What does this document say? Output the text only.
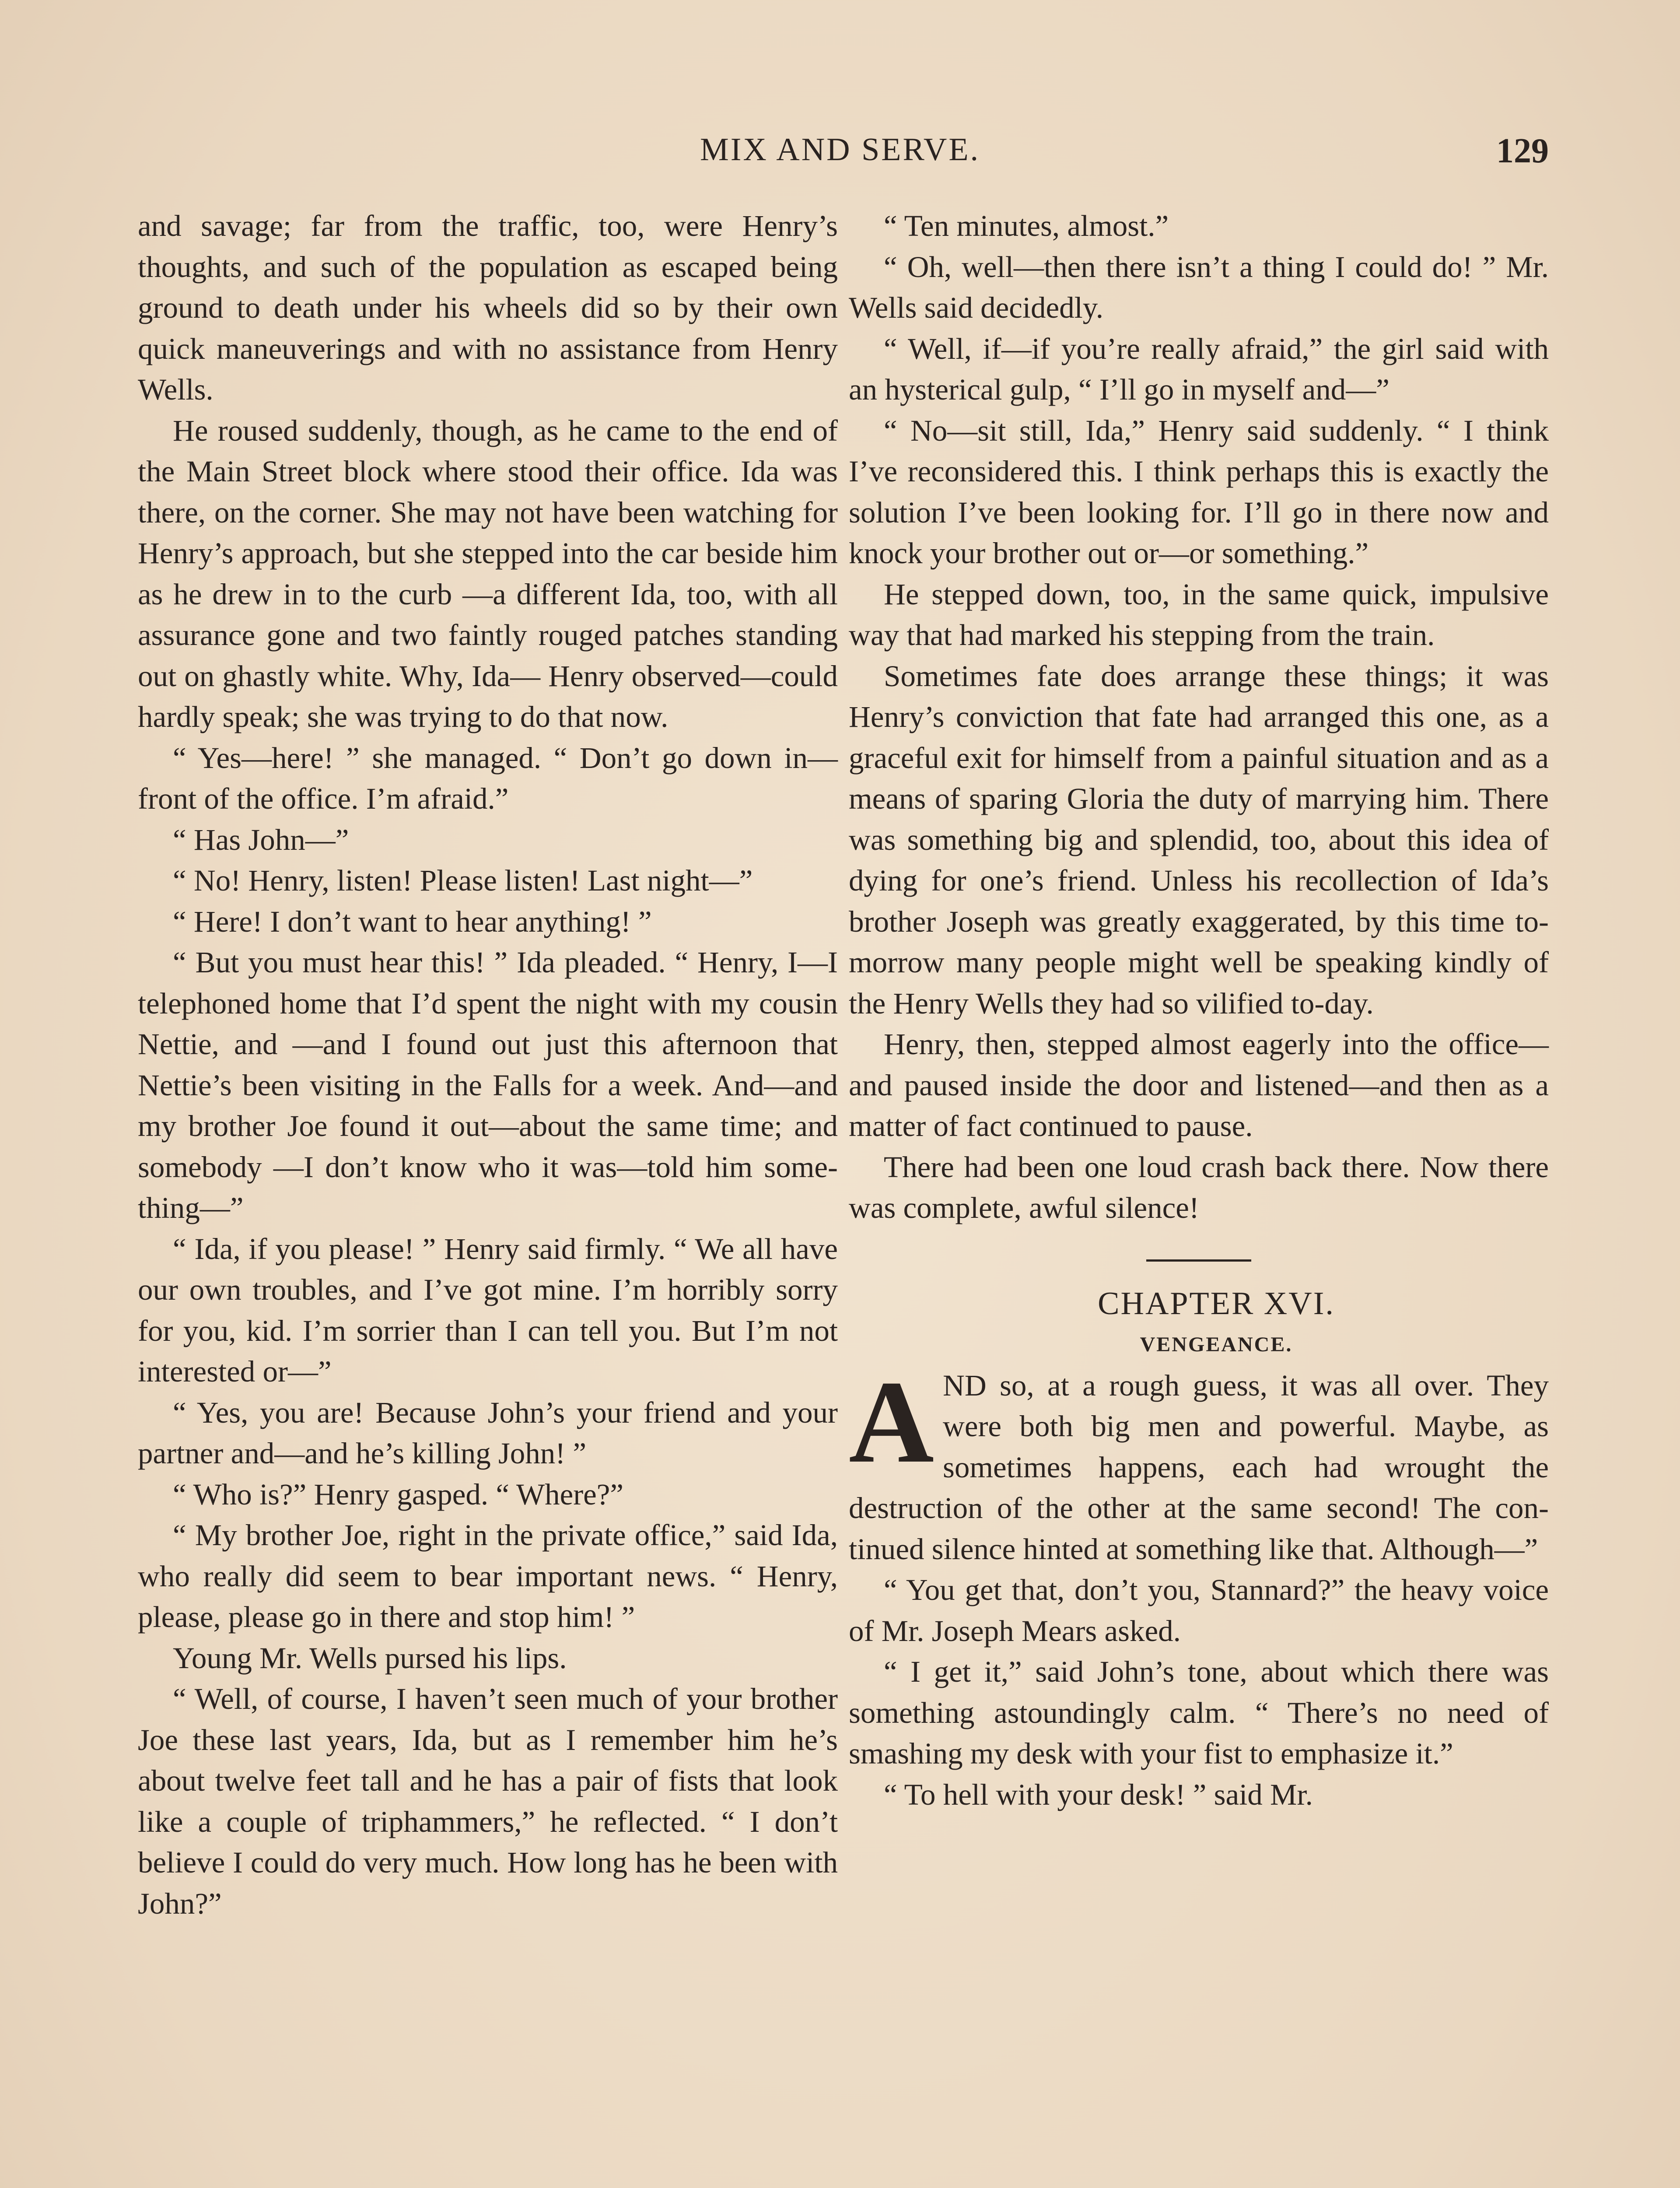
MIX AND SERVE.	129

and savage; far from the traffic, too, were Henry’s thoughts, and such of the population as escaped being ground to death under his wheels did so by their own quick maneuverings and with no assistance from Henry Wells.

He roused suddenly, though, as he came to the end of the Main Street block where stood their office. Ida was there, on the corner. She may not have been watching for Henry’s approach, but she stepped into the car beside him as he drew in to the curb —a different Ida, too, with all assurance gone and two faintly rouged patches standing out on ghastly white. Why, Ida— Henry observed—could hardly speak; she was trying to do that now.

“ Yes—here! ” she managed. “ Don’t go down in—front of the office. I’m afraid.”

“ Has John—”

“ No! Henry, listen! Please listen! Last night—”

“ Here! I don’t want to hear anything! ”

“ But you must hear this! ” Ida pleaded. “ Henry, I—I telephoned home that I’d spent the night with my cousin Nettie, and —and I found out just this afternoon that Nettie’s been visiting in the Falls for a week. And—and my brother Joe found it out—about the same time; and somebody —I don’t know who it was—told him something—”

“ Ida, if you please! ” Henry said firmly. “ We all have our own troubles, and I’ve got mine. I’m horribly sorry for you, kid. I’m sorrier than I can tell you. But I’m not interested or—”

“ Yes, you are! Because John’s your friend and your partner and—and he’s killing John! ”

“ Who is?” Henry gasped. “ Where?”

“ My brother Joe, right in the private office,” said Ida, who really did seem to bear important news. “ Henry, please, please go in there and stop him! ”

Young Mr. Wells pursed his lips.

“ Well, of course, I haven’t seen much of your brother Joe these last years, Ida, but as I remember him he’s about twelve feet tall and he has a pair of fists that look like a couple of triphammers,” he reflected. “ I don’t believe I could do very much. How long has he been with John?”

“ Ten minutes, almost.”

“ Oh, well—then there isn’t a thing I could do! ” Mr. Wells said decidedly.

“ Well, if—if you’re really afraid,” the girl said with an hysterical gulp, “ I’ll go in myself and—”

“ No—sit still, Ida,” Henry said suddenly. “ I think I’ve reconsidered this. I think perhaps this is exactly the solution I’ve been looking for. I’ll go in there now and knock your brother out or—or something.”

He stepped down, too, in the same quick, impulsive way that had marked his stepping from the train.

Sometimes fate does arrange these things; it was Henry’s conviction that fate had arranged this one, as a graceful exit for himself from a painful situation and as a means of sparing Gloria the duty of marrying him. There was something big and splendid, too, about this idea of dying for one’s friend. Unless his recollection of Ida’s brother Joseph was greatly exaggerated, by this time to-morrow many people might well be speaking kindly of the Henry Wells they had so vilified to-day.

Henry, then, stepped almost eagerly into the office—and paused inside the door and listened—and then as a matter of fact continued to pause.

There had been one loud crash back there. Now there was complete, awful silence!

CHAPTER XVI.

VENGEANCE.

AND so, at a rough guess, it was all over. They were both big men and powerful. Maybe, as sometimes happens, each had wrought the destruction of the other at the same second! The continued silence hinted at something like that. Although—”

“ You get that, don’t you, Stannard?” the heavy voice of Mr. Joseph Mears asked.

“ I get it,” said John’s tone, about which there was something astoundingly calm. “ There’s no need of smashing my desk with your fist to emphasize it.”

“ To hell with your desk! ” said Mr.
